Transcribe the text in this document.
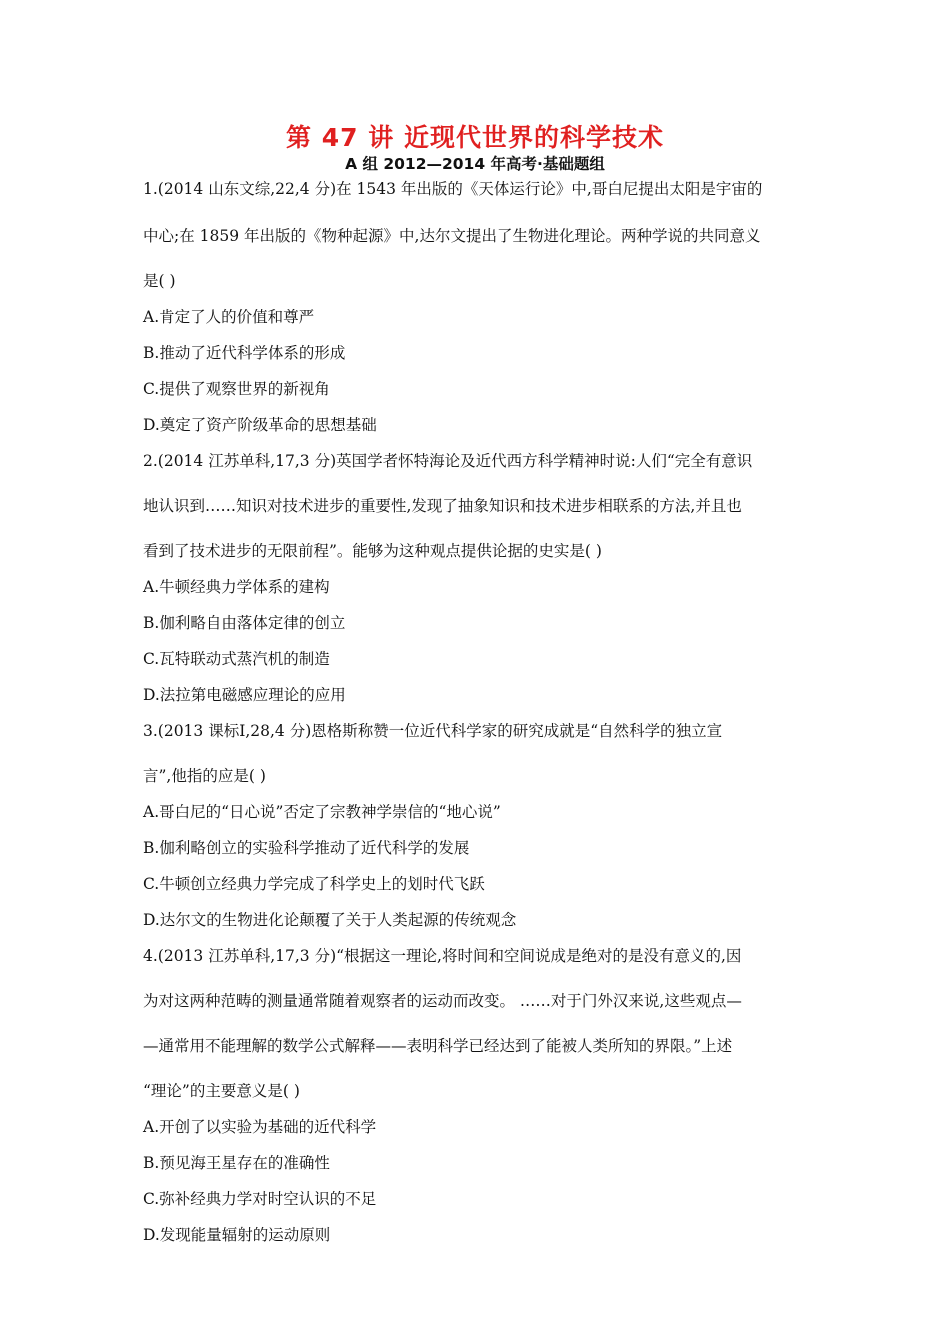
第 47 讲 近现代世界的科学技术
A 组 2012—2014 年高考·基础题组
1.(2014 山东文综,22,4 分)在 1543 年出版的《天体运行论》中,哥白尼提出太阳是宇宙的
中心;在 1859 年出版的《物种起源》中,达尔文提出了生物进化理论。两种学说的共同意义
是( )
A.肯定了人的价值和尊严
B.推动了近代科学体系的形成
C.提供了观察世界的新视角
D.奠定了资产阶级革命的思想基础
2.(2014 江苏单科,17,3 分)英国学者怀特海论及近代西方科学精神时说:人们“完全有意识
地认识到……知识对技术进步的重要性,发现了抽象知识和技术进步相联系的方法,并且也
看到了技术进步的无限前程”。能够为这种观点提供论据的史实是( )
A.牛顿经典力学体系的建构
B.伽利略自由落体定律的创立
C.瓦特联动式蒸汽机的制造
D.法拉第电磁感应理论的应用
3.(2013 课标Ⅰ,28,4 分)恩格斯称赞一位近代科学家的研究成就是“自然科学的独立宣
言”,他指的应是( )
A.哥白尼的“日心说”否定了宗教神学崇信的“地心说”
B.伽利略创立的实验科学推动了近代科学的发展
C.牛顿创立经典力学完成了科学史上的划时代飞跃
D.达尔文的生物进化论颠覆了关于人类起源的传统观念
4.(2013 江苏单科,17,3 分)“根据这一理论,将时间和空间说成是绝对的是没有意义的,因
为对这两种范畴的测量通常随着观察者的运动而改变。 ……对于门外汉来说,这些观点—
—通常用不能理解的数学公式解释——表明科学已经达到了能被人类所知的界限。”上述
“理论”的主要意义是( )
A.开创了以实验为基础的近代科学
B.预见海王星存在的准确性
C.弥补经典力学对时空认识的不足
D.发现能量辐射的运动原则
